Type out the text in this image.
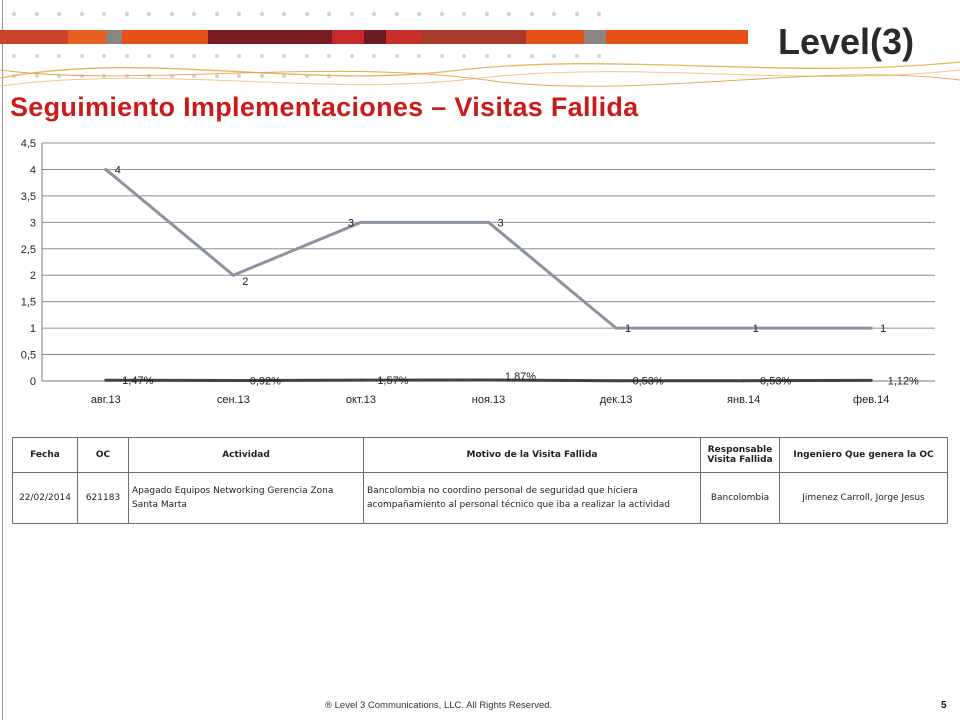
Level(3)
Seguimiento Implementaciones – Visitas Fallida
0
0,5
1
1,5
2
2,5
3
3,5
4
4,5
авг.13	сен.13	окт.13	ноя.13	дек.13	янв.14	фев.14
4
2
3	3
1	1	1
1,47%	0,92%	1,57%	1,87%	0,53%	0,53%	1,12%
Fecha	OC	Actividad	Motivo de la Visita Fallida	Responsable Visita Fallida	Ingeniero Que genera la OC
22/02/2014	621183	Apagado Equipos Networking Gerencia Zona Santa Marta	Bancolombia no coordino personal de seguridad que hiciera acompañamiento al personal técnico que iba a realizar la actividad	Bancolombia	Jimenez Carroll, Jorge Jesus
® Level 3 Communications, LLC. All Rights Reserved.	5
